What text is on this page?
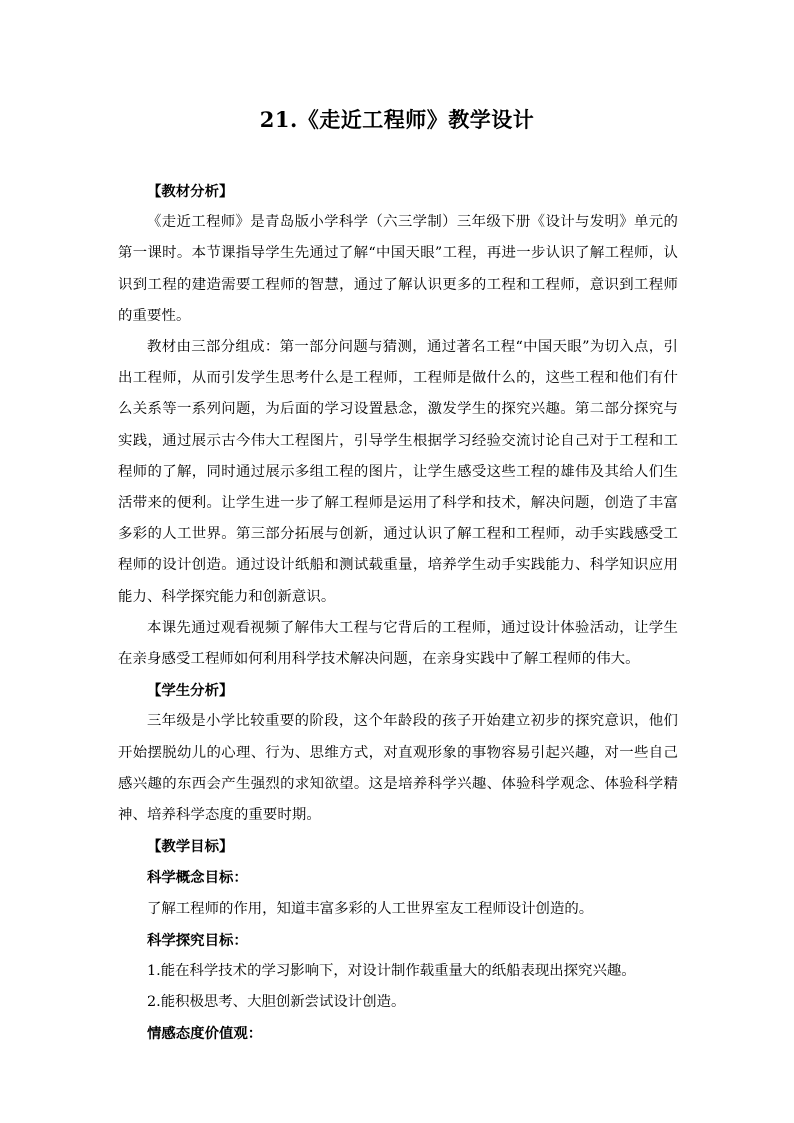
21.《走近工程师》教学设计

【教材分析】

《走近工程师》是青岛版小学科学（六三学制）三年级下册《设计与发明》单元的第一课时。本节课指导学生先通过了解“中国天眼”工程，再进一步认识了解工程师，认识到工程的建造需要工程师的智慧，通过了解认识更多的工程和工程师，意识到工程师的重要性。

教材由三部分组成：第一部分问题与猜测，通过著名工程“中国天眼”为切入点，引出工程师，从而引发学生思考什么是工程师，工程师是做什么的，这些工程和他们有什么关系等一系列问题，为后面的学习设置悬念，激发学生的探究兴趣。第二部分探究与实践，通过展示古今伟大工程图片，引导学生根据学习经验交流讨论自己对于工程和工程师的了解，同时通过展示多组工程的图片，让学生感受这些工程的雄伟及其给人们生活带来的便利。让学生进一步了解工程师是运用了科学和技术，解决问题，创造了丰富多彩的人工世界。第三部分拓展与创新，通过认识了解工程和工程师，动手实践感受工程师的设计创造。通过设计纸船和测试载重量，培养学生动手实践能力、科学知识应用能力、科学探究能力和创新意识。

本课先通过观看视频了解伟大工程与它背后的工程师，通过设计体验活动，让学生在亲身感受工程师如何利用科学技术解决问题，在亲身实践中了解工程师的伟大。

【学生分析】

三年级是小学比较重要的阶段，这个年龄段的孩子开始建立初步的探究意识，他们开始摆脱幼儿的心理、行为、思维方式，对直观形象的事物容易引起兴趣，对一些自己感兴趣的东西会产生强烈的求知欲望。这是培养科学兴趣、体验科学观念、体验科学精神、培养科学态度的重要时期。

【教学目标】

科学概念目标：

了解工程师的作用，知道丰富多彩的人工世界室友工程师设计创造的。

科学探究目标：

1.能在科学技术的学习影响下，对设计制作载重量大的纸船表现出探究兴趣。

2.能积极思考、大胆创新尝试设计创造。

情感态度价值观：
